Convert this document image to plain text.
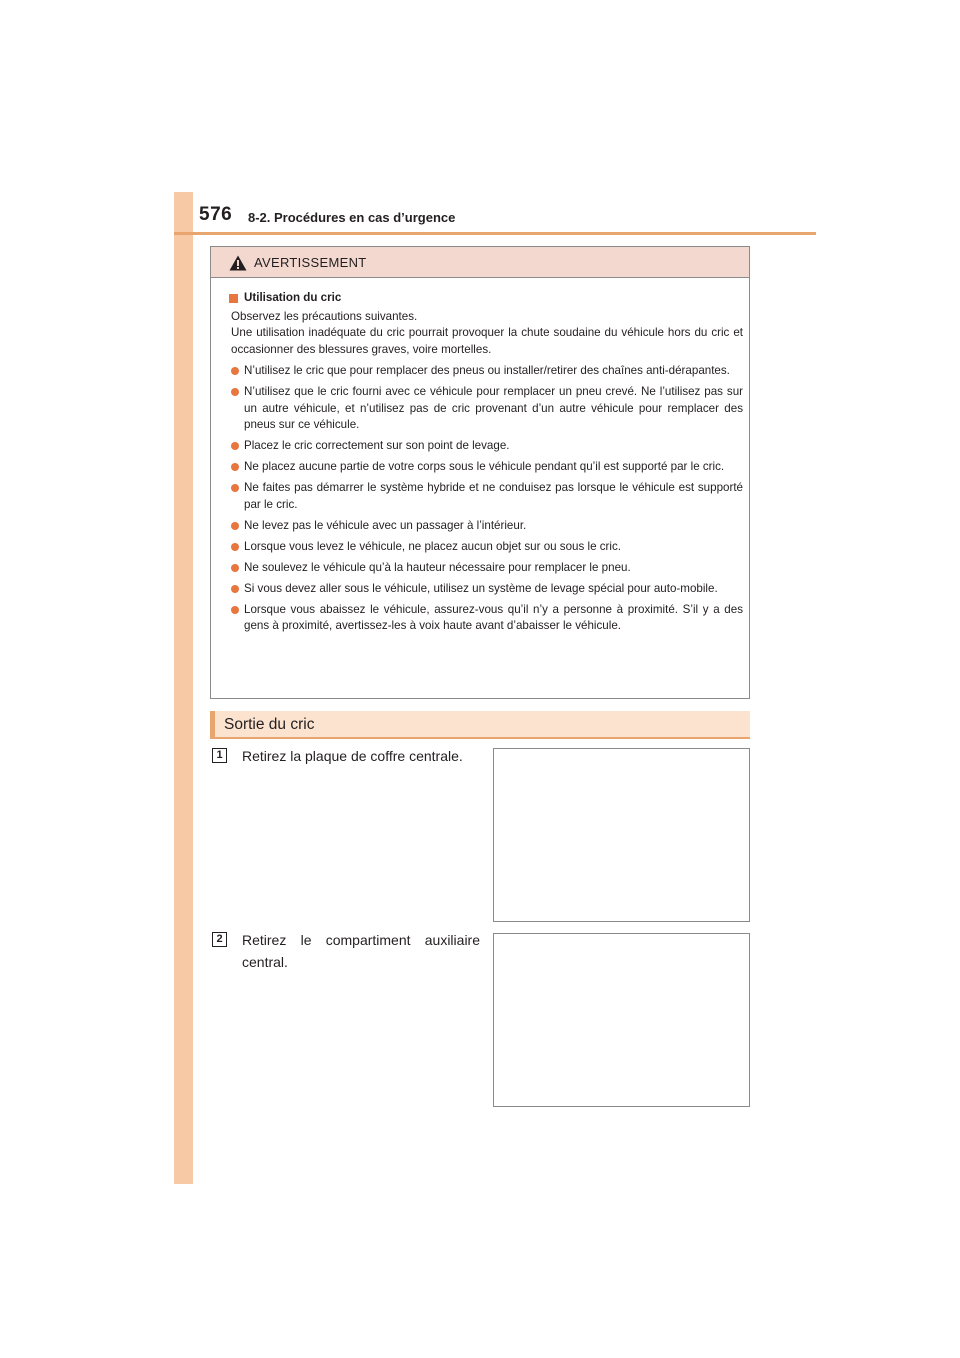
576 8-2. Procédures en cas d’urgence
AVERTISSEMENT
Utilisation du cric
Observez les précautions suivantes.
Une utilisation inadéquate du cric pourrait provoquer la chute soudaine du véhicule hors du cric et occasionner des blessures graves, voire mortelles.
N’utilisez le cric que pour remplacer des pneus ou installer/retirer des chaînes anti-dérapantes.
N’utilisez que le cric fourni avec ce véhicule pour remplacer un pneu crevé. Ne l’utilisez pas sur un autre véhicule, et n’utilisez pas de cric provenant d’un autre véhicule pour remplacer des pneus sur ce véhicule.
Placez le cric correctement sur son point de levage.
Ne placez aucune partie de votre corps sous le véhicule pendant qu’il est supporté par le cric.
Ne faites pas démarrer le système hybride et ne conduisez pas lorsque le véhicule est supporté par le cric.
Ne levez pas le véhicule avec un passager à l’intérieur.
Lorsque vous levez le véhicule, ne placez aucun objet sur ou sous le cric.
Ne soulevez le véhicule qu’à la hauteur nécessaire pour remplacer le pneu.
Si vous devez aller sous le véhicule, utilisez un système de levage spécial pour auto-mobile.
Lorsque vous abaissez le véhicule, assurez-vous qu’il n’y a personne à proximité. S’il y a des gens à proximité, avertissez-les à voix haute avant d’abaisser le véhicule.
Sortie du cric
1	Retirez la plaque de coffre centrale.
2	Retirez le compartiment auxiliaire central.
